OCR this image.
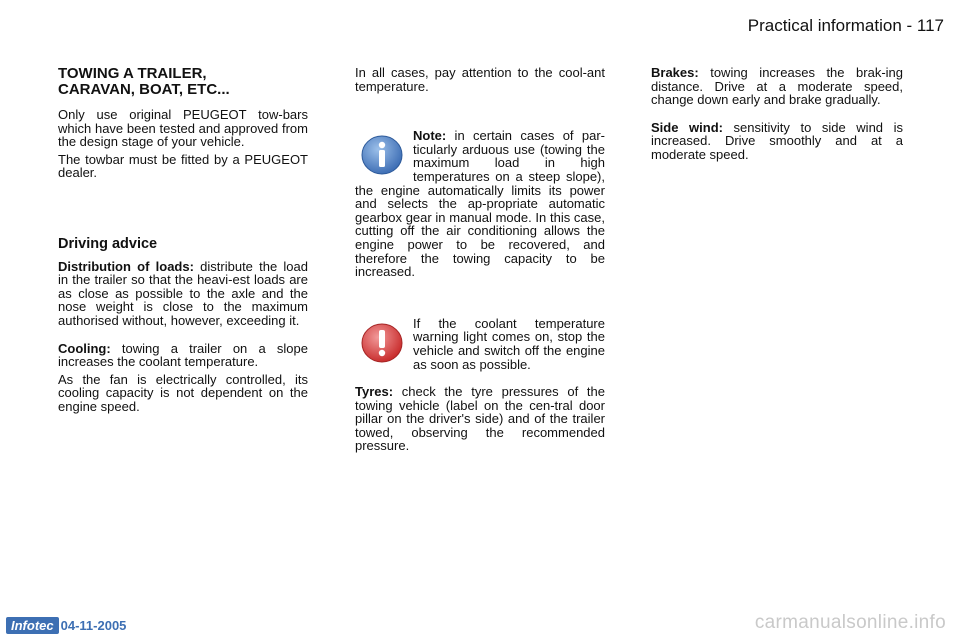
Practical information - 117
TOWING A TRAILER,
CARAVAN, BOAT, ETC...

Only use original PEUGEOT tow-bars which have been tested and approved from the design stage of your vehicle.

The towbar must be fitted by a PEUGEOT dealer.

Driving advice

Distribution of loads: distribute the load in the trailer so that the heavi-est loads are as close as possible to the axle and the nose weight is close to the maximum authorised without, however, exceeding it.

Cooling: towing a trailer on a slope increases the coolant temperature.

As the fan is electrically controlled, its cooling capacity is not dependent on the engine speed.

In all cases, pay attention to the cool-ant temperature.

Note: in certain cases of par-ticularly arduous use (towing the maximum load in high temperatures on a steep slope), the engine automatically limits its power and selects the ap-propriate automatic gearbox gear in manual mode. In this case, cutting off the air conditioning allows the engine power to be recovered, and therefore the towing capacity to be increased.

If the coolant temperature warning light comes on, stop the vehicle and switch off the engine as soon as possible.

Tyres: check the tyre pressures of the towing vehicle (label on the cen-tral door pillar on the driver's side) and of the trailer towed, observing the recommended pressure.

Brakes: towing increases the brak-ing distance. Drive at a moderate speed, change down early and brake gradually.

Side wind: sensitivity to side wind is increased. Drive smoothly and at a moderate speed.

Infotec 04-11-2005	carmanualsonline.info
